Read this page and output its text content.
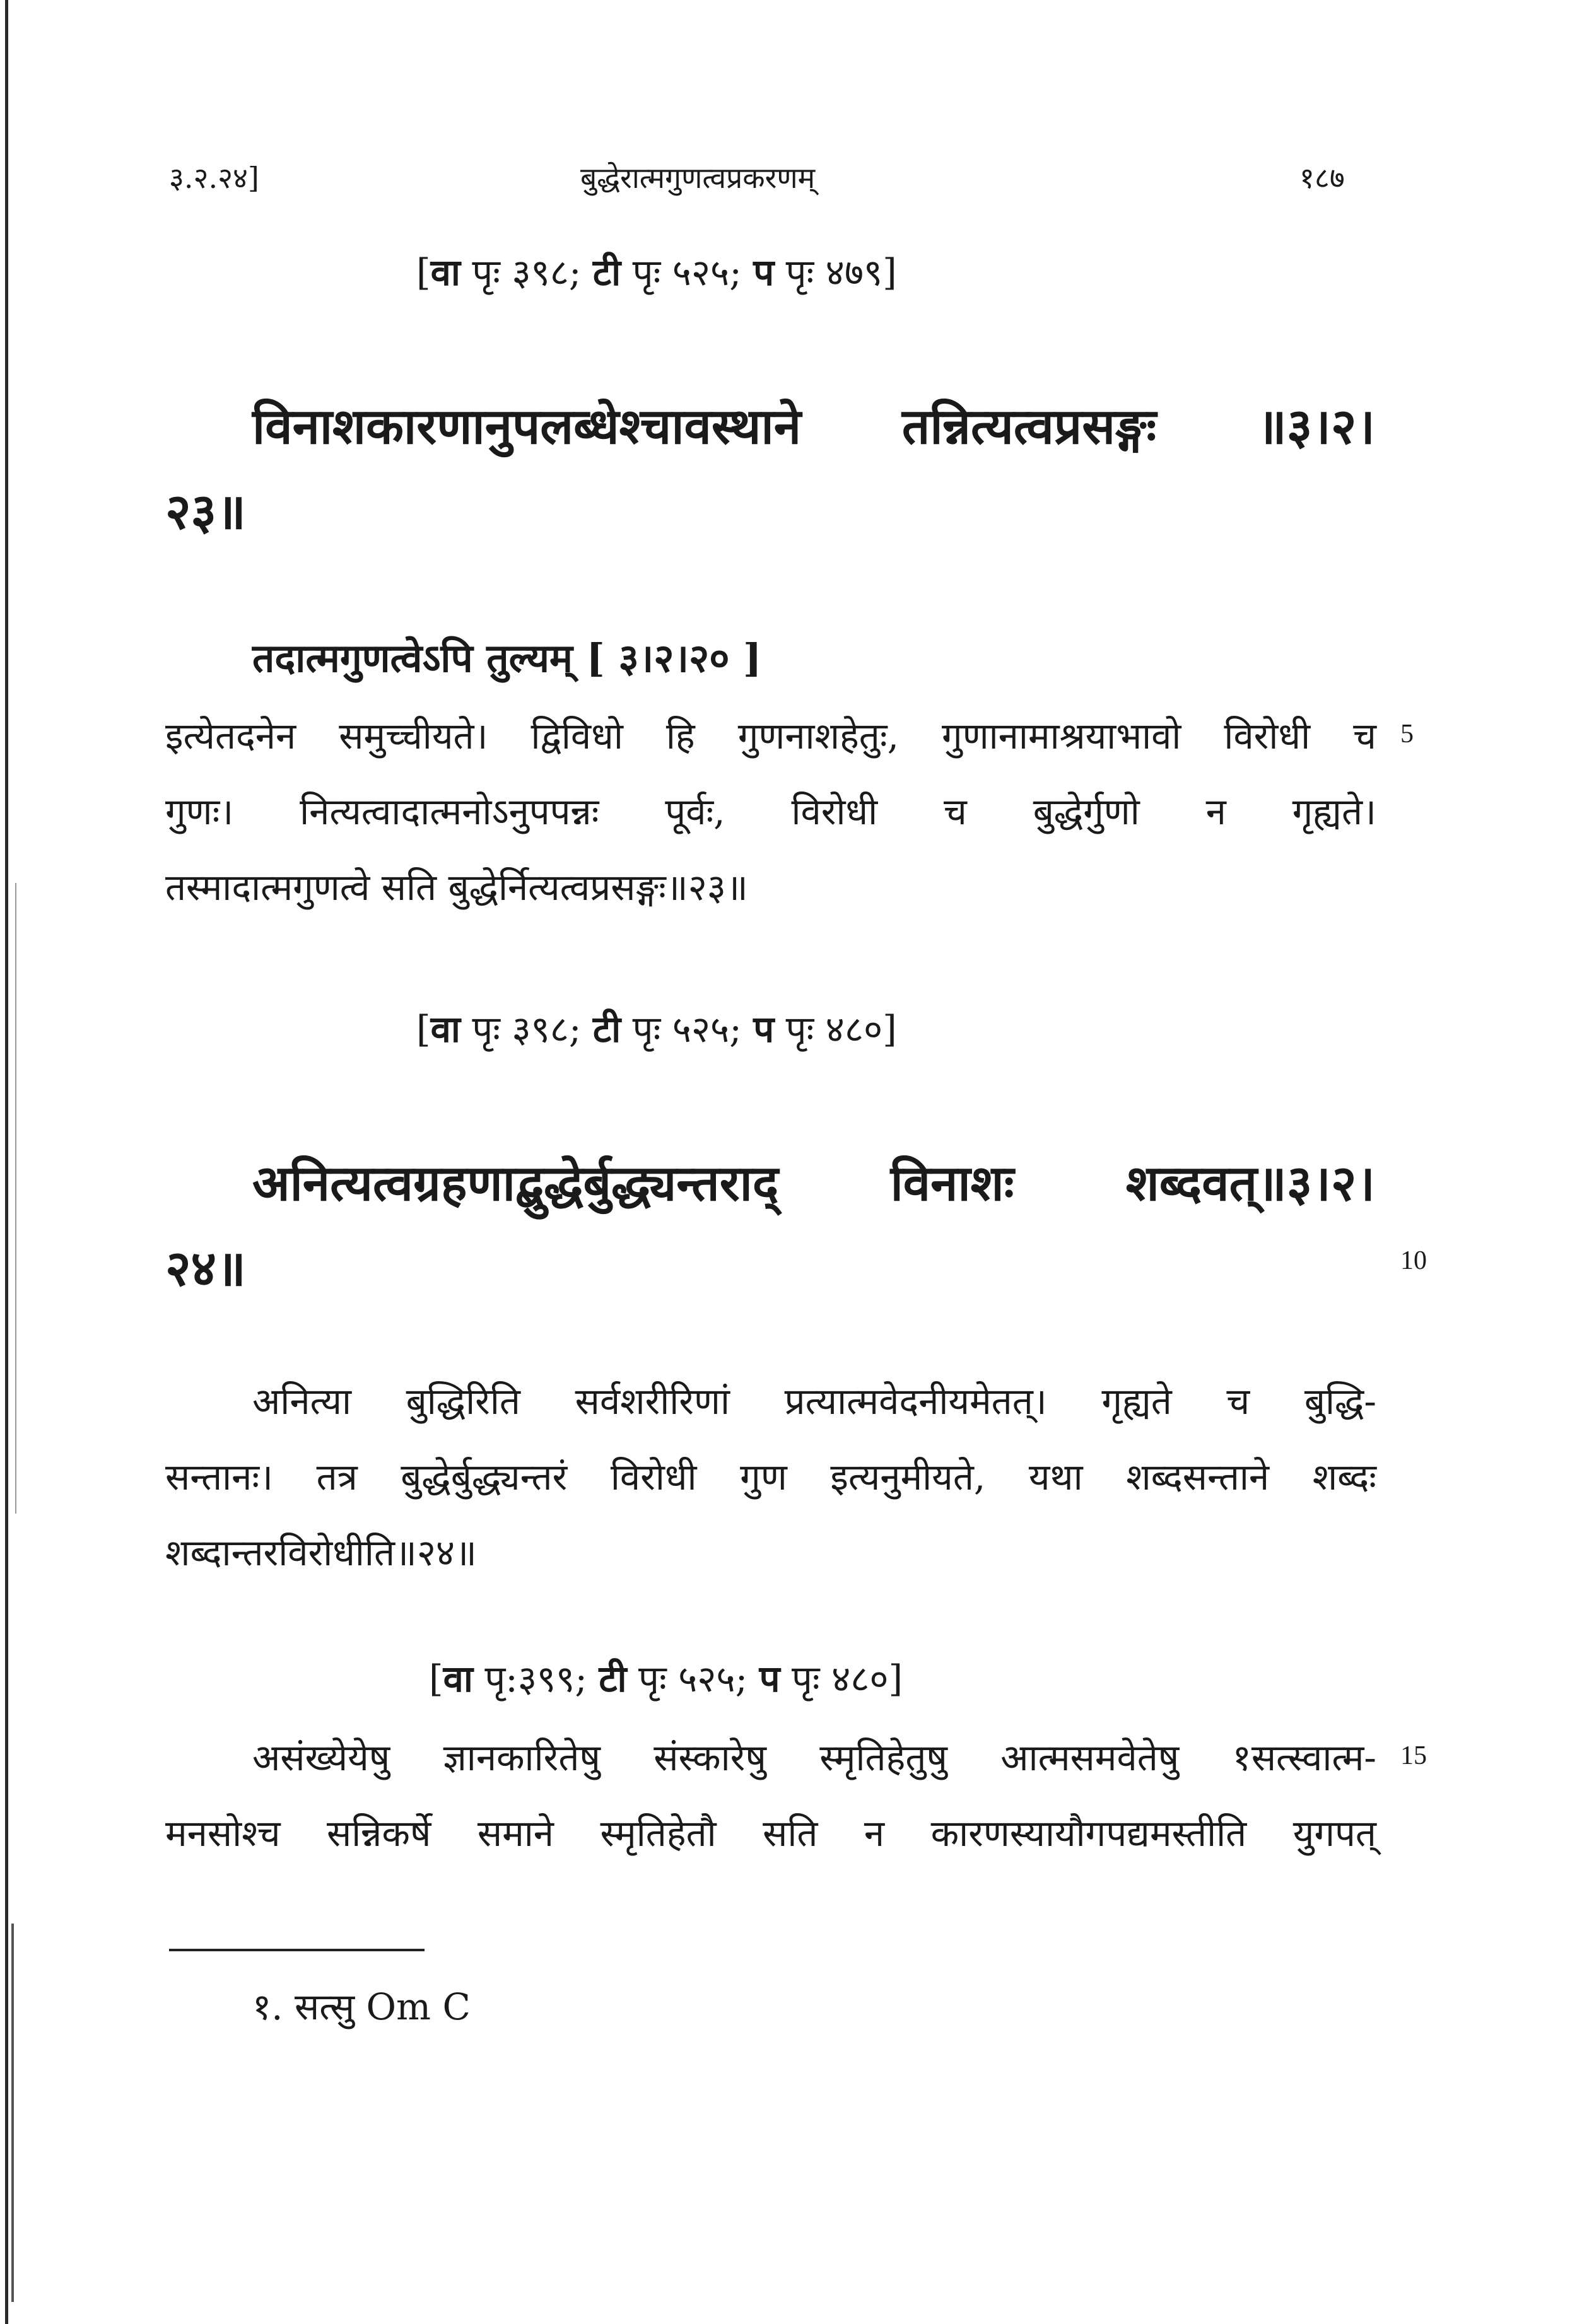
३.२.२४]	बुद्धेरात्मगुणत्वप्रकरणम्	१८७
[वा पृः ३९८; टी पृः ५२५; प पृः ४७९]
विनाशकारणानुपलब्धेश्चावस्थाने तन्नित्यत्वप्रसङ्गः ॥३।२।
२३॥
तदात्मगुणत्वेऽपि तुल्यम् [ ३।२।२० ]
इत्येतदनेन समुच्चीयते। द्विविधो हि गुणनाशहेतुः, गुणानामाश्रयाभावो विरोधी च 5
गुणः। नित्यत्वादात्मनोऽनुपपन्नः पूर्वः, विरोधी च बुद्धेर्गुणो न गृह्यते।
तस्मादात्मगुणत्वे सति बुद्धेर्नित्यत्वप्रसङ्गः॥२३॥
[वा पृः ३९८; टी पृः ५२५; प पृः ४८०]
अनित्यत्वग्रहणाद्बुद्धेर्बुद्ध्यन्तराद् विनाशः शब्दवत्॥३।२।
२४॥	10
अनित्या बुद्धिरिति सर्वशरीरिणां प्रत्यात्मवेदनीयमेतत्। गृह्यते च बुद्धि-
सन्तानः। तत्र बुद्धेर्बुद्ध्यन्तरं विरोधी गुण इत्यनुमीयते, यथा शब्दसन्ताने शब्दः
शब्दान्तरविरोधीति॥२४॥
[वा पृ:३९९; टी पृः ५२५; प पृः ४८०]
असंख्येयेषु ज्ञानकारितेषु संस्कारेषु स्मृतिहेतुषु आत्मसमवेतेषु १सत्स्वात्म- 15
मनसोश्च सन्निकर्षे समाने स्मृतिहेतौ सति न कारणस्यायौगपद्यमस्तीति युगपत्
१. सत्सु Om C
